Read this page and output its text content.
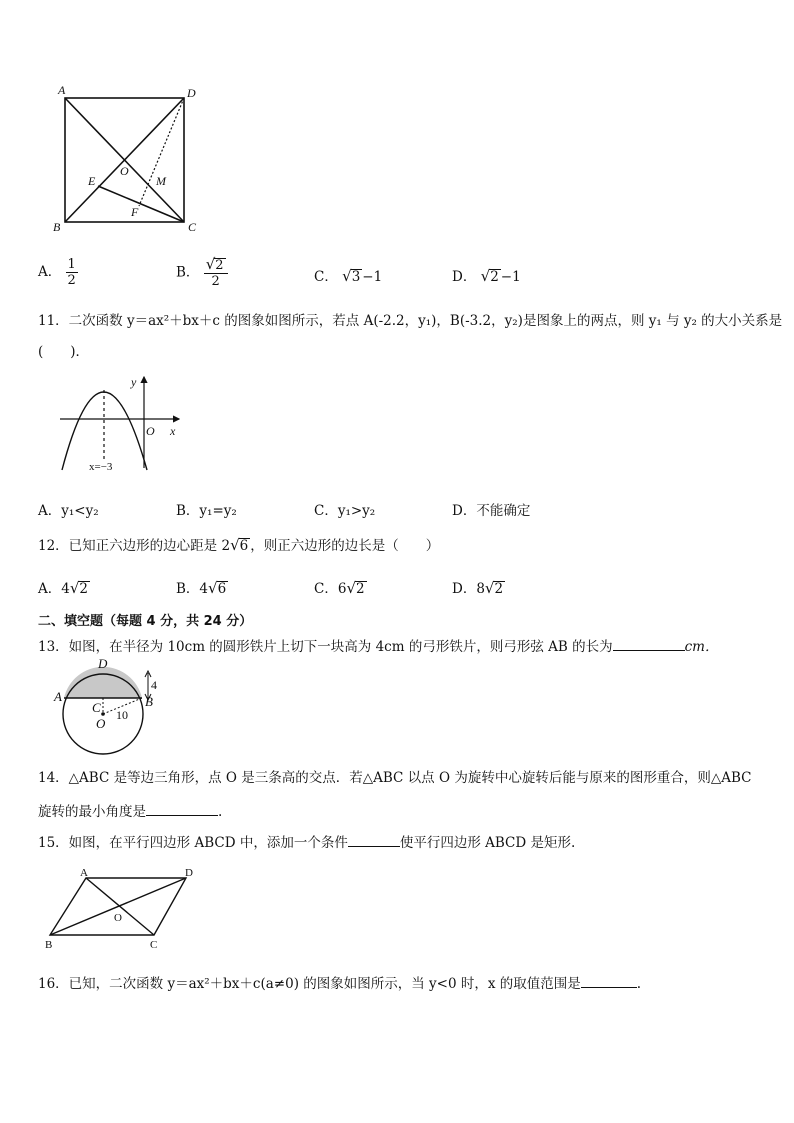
A	D
O
E	M
F
B	C
A． $\frac{1}{2}$	B． $\frac{√2}{2}$	C． √3 −1	D． √2 −1
11．二次函数 y＝ax²＋bx＋c 的图象如图所示，若点 A(-2.2，y₁)，B(-3.2，y₂)是图象上的两点，则 y₁ 与 y₂ 的大小关系是
(　　)．
y
x
O
x=−3
A．y₁<y₂	B．y₁=y₂	C．y₁>y₂	D．不能确定
12．已知正六边形的边心距是 2√6 ，则正六边形的边长是（　　）
A．4√2	B．4√6	C．6√2	D．8√2
二、填空题（每题 4 分，共 24 分）
13．如图，在半径为 10cm 的圆形铁片上切下一块高为 4cm 的弓形铁片，则弓形弦 AB 的长为	cm．
D
A
C	B
O
4
10
14．△ABC 是等边三角形，点 O 是三条高的交点．若△ABC 以点 O 为旋转中心旋转后能与原来的图形重合，则△ABC
旋转的最小角度是	.
15．如图，在平行四边形 ABCD 中，添加一个条件	使平行四边形 ABCD 是矩形.
A	D
O
B	C
16．已知，二次函数 y＝ax²＋bx＋c(a≠0) 的图象如图所示，当 y<0 时，x 的取值范围是	.
